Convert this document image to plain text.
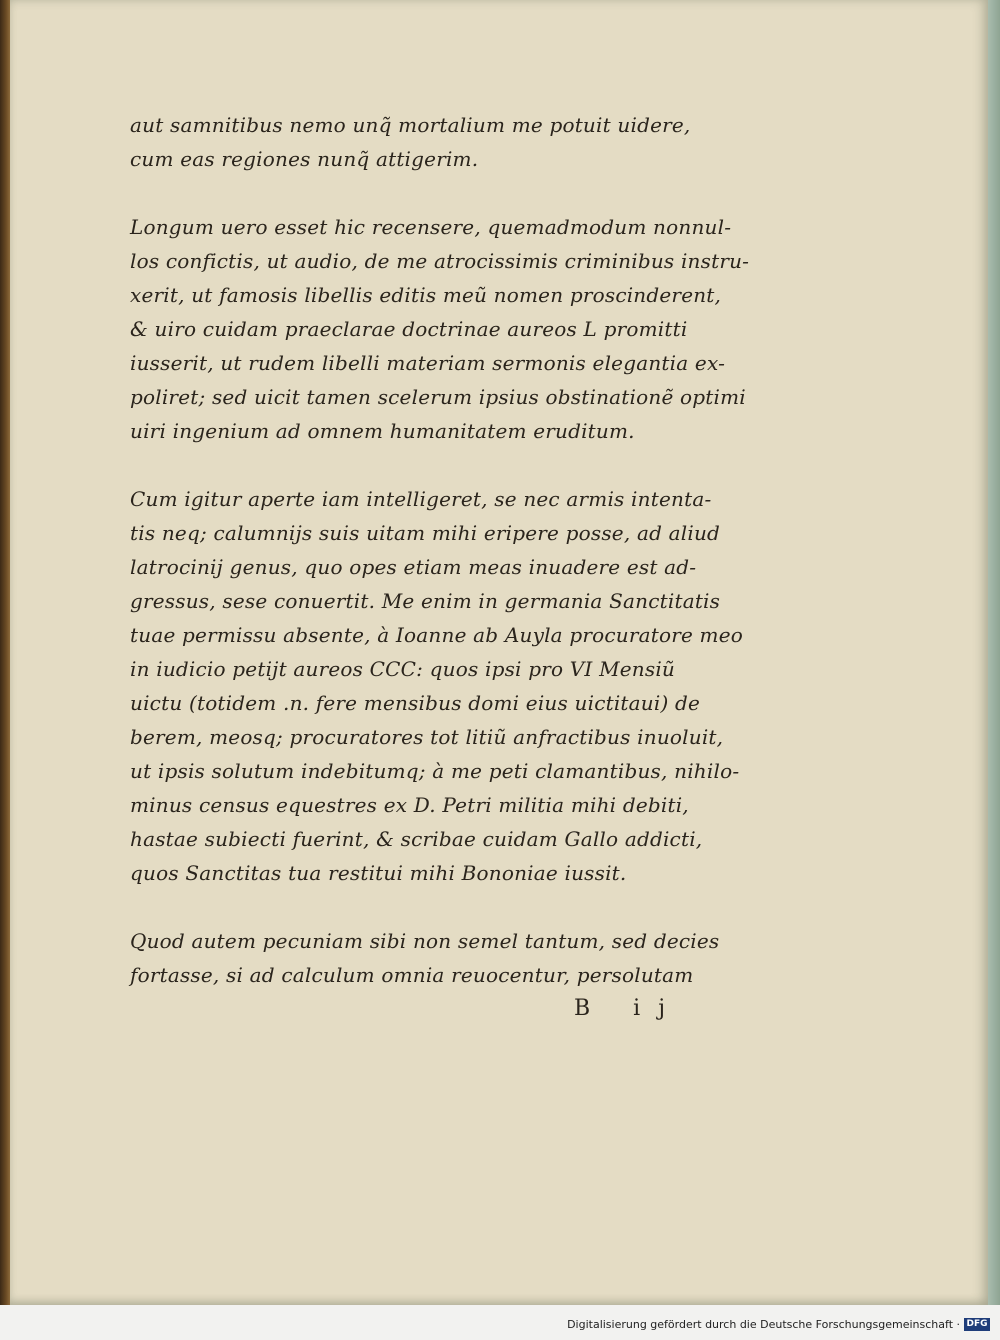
aut samnitibus nemo unq̃ mortalium me potuit uidere,
cum eas regiones nunq̃ attigerim.
Longum uero esset hic recensere, quemadmodum nonnul-
los confictis, ut audio, de me atrocissimis criminibus instru-
xerit, ut famosis libellis editis meũ nomen proscinderent,
& uiro cuidam praeclarae doctrinae aureos L promitti
iusserit, ut rudem libelli materiam sermonis elegantia ex-
poliret; sed uicit tamen scelerum ipsius obstinationẽ optimi
uiri ingenium ad omnem humanitatem eruditum.
Cum igitur aperte iam intelligeret, se nec armis intenta-
tis neq; calumnijs suis uitam mihi eripere posse, ad aliud
latrocinij genus, quo opes etiam meas inuadere est ad-
gressus, sese conuertit. Me enim in germania Sanctitatis
tuae permissu absente, à Ioanne ab Auyla procuratore meo
in iudicio petijt aureos CCC: quos ipsi pro VI Mensiũ
uictu (totidem .n. fere mensibus domi eius uictitaui) de
berem, meosq; procuratores tot litiũ anfractibus inuoluit,
ut ipsis solutum indebitumq; à me peti clamantibus, nihilo-
minus census equestres ex D. Petri militia mihi debiti,
hastae subiecti fuerint, & scribae cuidam Gallo addicti,
quos Sanctitas tua restitui mihi Bononiae iussit.
Quod autem pecuniam sibi non semel tantum, sed decies
fortasse, si ad calculum omnia reuocentur, persolutam
B ij
Digitalisierung gefördert durch die Deutsche Forschungsgemeinschaft · DFG
